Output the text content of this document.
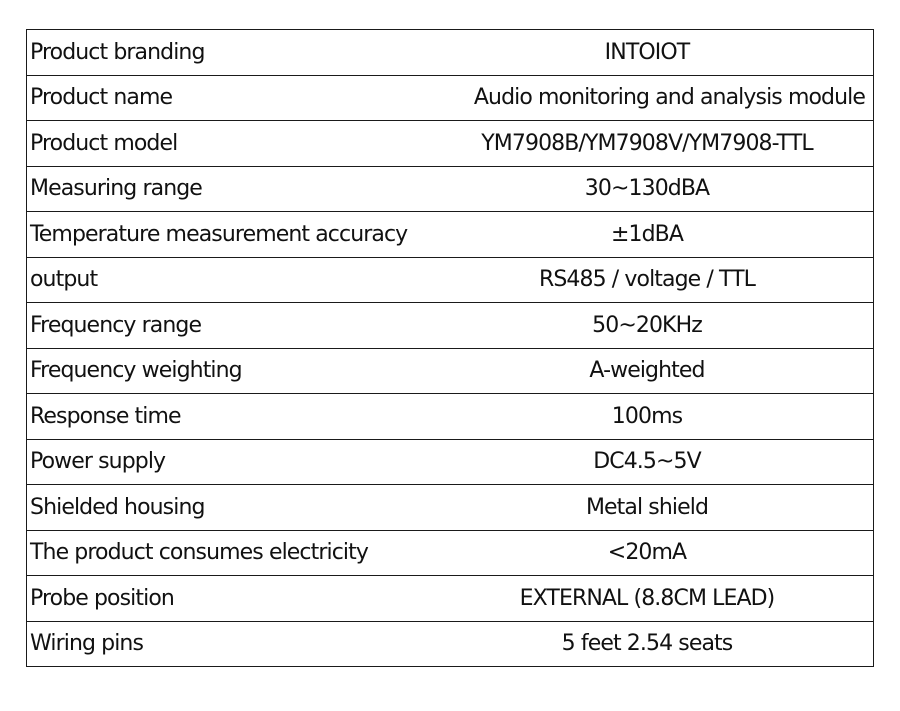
Product branding	INTOIOT
Product name	Audio monitoring and analysis module
Product model	YM7908B/YM7908V/YM7908-TTL
Measuring range	30~130dBA
Temperature measurement accuracy	±1dBA
output	RS485 / voltage / TTL
Frequency range	50~20KHz
Frequency weighting	A-weighted
Response time	100ms
Power supply	DC4.5~5V
Shielded housing	Metal shield
The product consumes electricity	<20mA
Probe position	EXTERNAL (8.8CM LEAD)
Wiring pins	5 feet 2.54 seats
